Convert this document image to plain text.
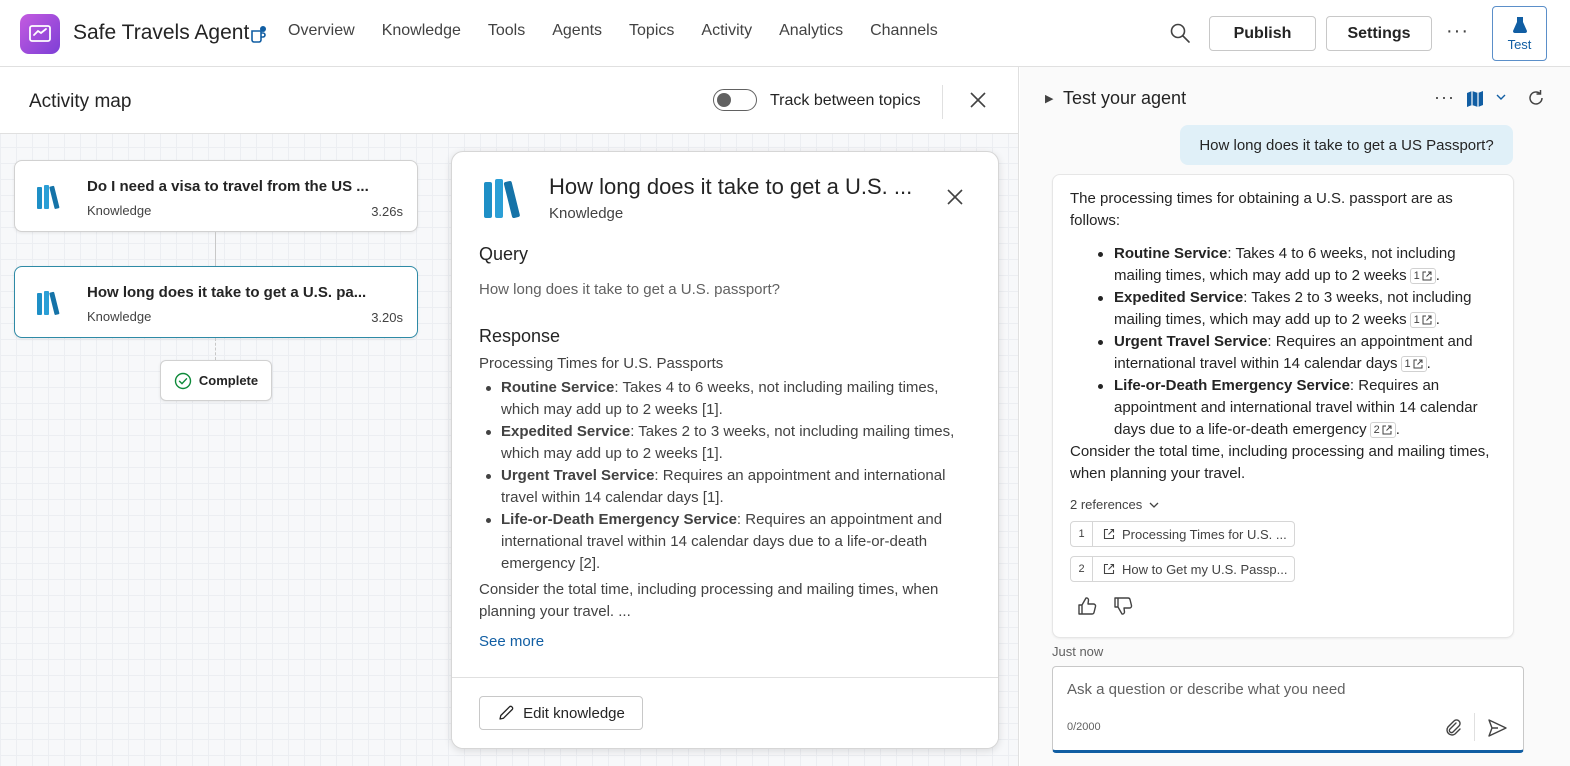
Safe Travels Agent Overview Knowledge Tools Agents Topics Activity Analytics Channels	Publish	Settings	···
Test
Activity map	Track between topics
Do I need a visa to travel from the US ...
Knowledge	3.26s
How long does it take to get a U.S. pa...
Knowledge	3.20s
Complete
How long does it take to get a U.S. ...
Knowledge
Query
How long does it take to get a U.S. passport?
Response
Processing Times for U.S. Passports
Routine Service: Takes 4 to 6 weeks, not including mailing times, which may add up to 2 weeks [1].
Expedited Service: Takes 2 to 3 weeks, not including mailing times, which may add up to 2 weeks [1].
Urgent Travel Service: Requires an appointment and international travel within 14 calendar days [1].
Life-or-Death Emergency Service: Requires an appointment and international travel within 14 calendar days due to a life-or-death emergency [2].
Consider the total time, including processing and mailing times, when planning your travel. ...
See more
Edit knowledge
▶ Test your agent	···
How long does it take to get a US Passport?
The processing times for obtaining a U.S. passport are as follows:
Routine Service: Takes 4 to 6 weeks, not including mailing times, which may add up to 2 weeks 1 .
Expedited Service: Takes 2 to 3 weeks, not including mailing times, which may add up to 2 weeks 1 .
Urgent Travel Service: Requires an appointment and international travel within 14 calendar days 1 .
Life-or-Death Emergency Service: Requires an appointment and international travel within 14 calendar days due to a life-or-death emergency 2 .
Consider the total time, including processing and mailing times, when planning your travel.
2 references
1	Processing Times for U.S. ...
2	How to Get my U.S. Passp...
Just now
Ask a question or describe what you need
0/2000
